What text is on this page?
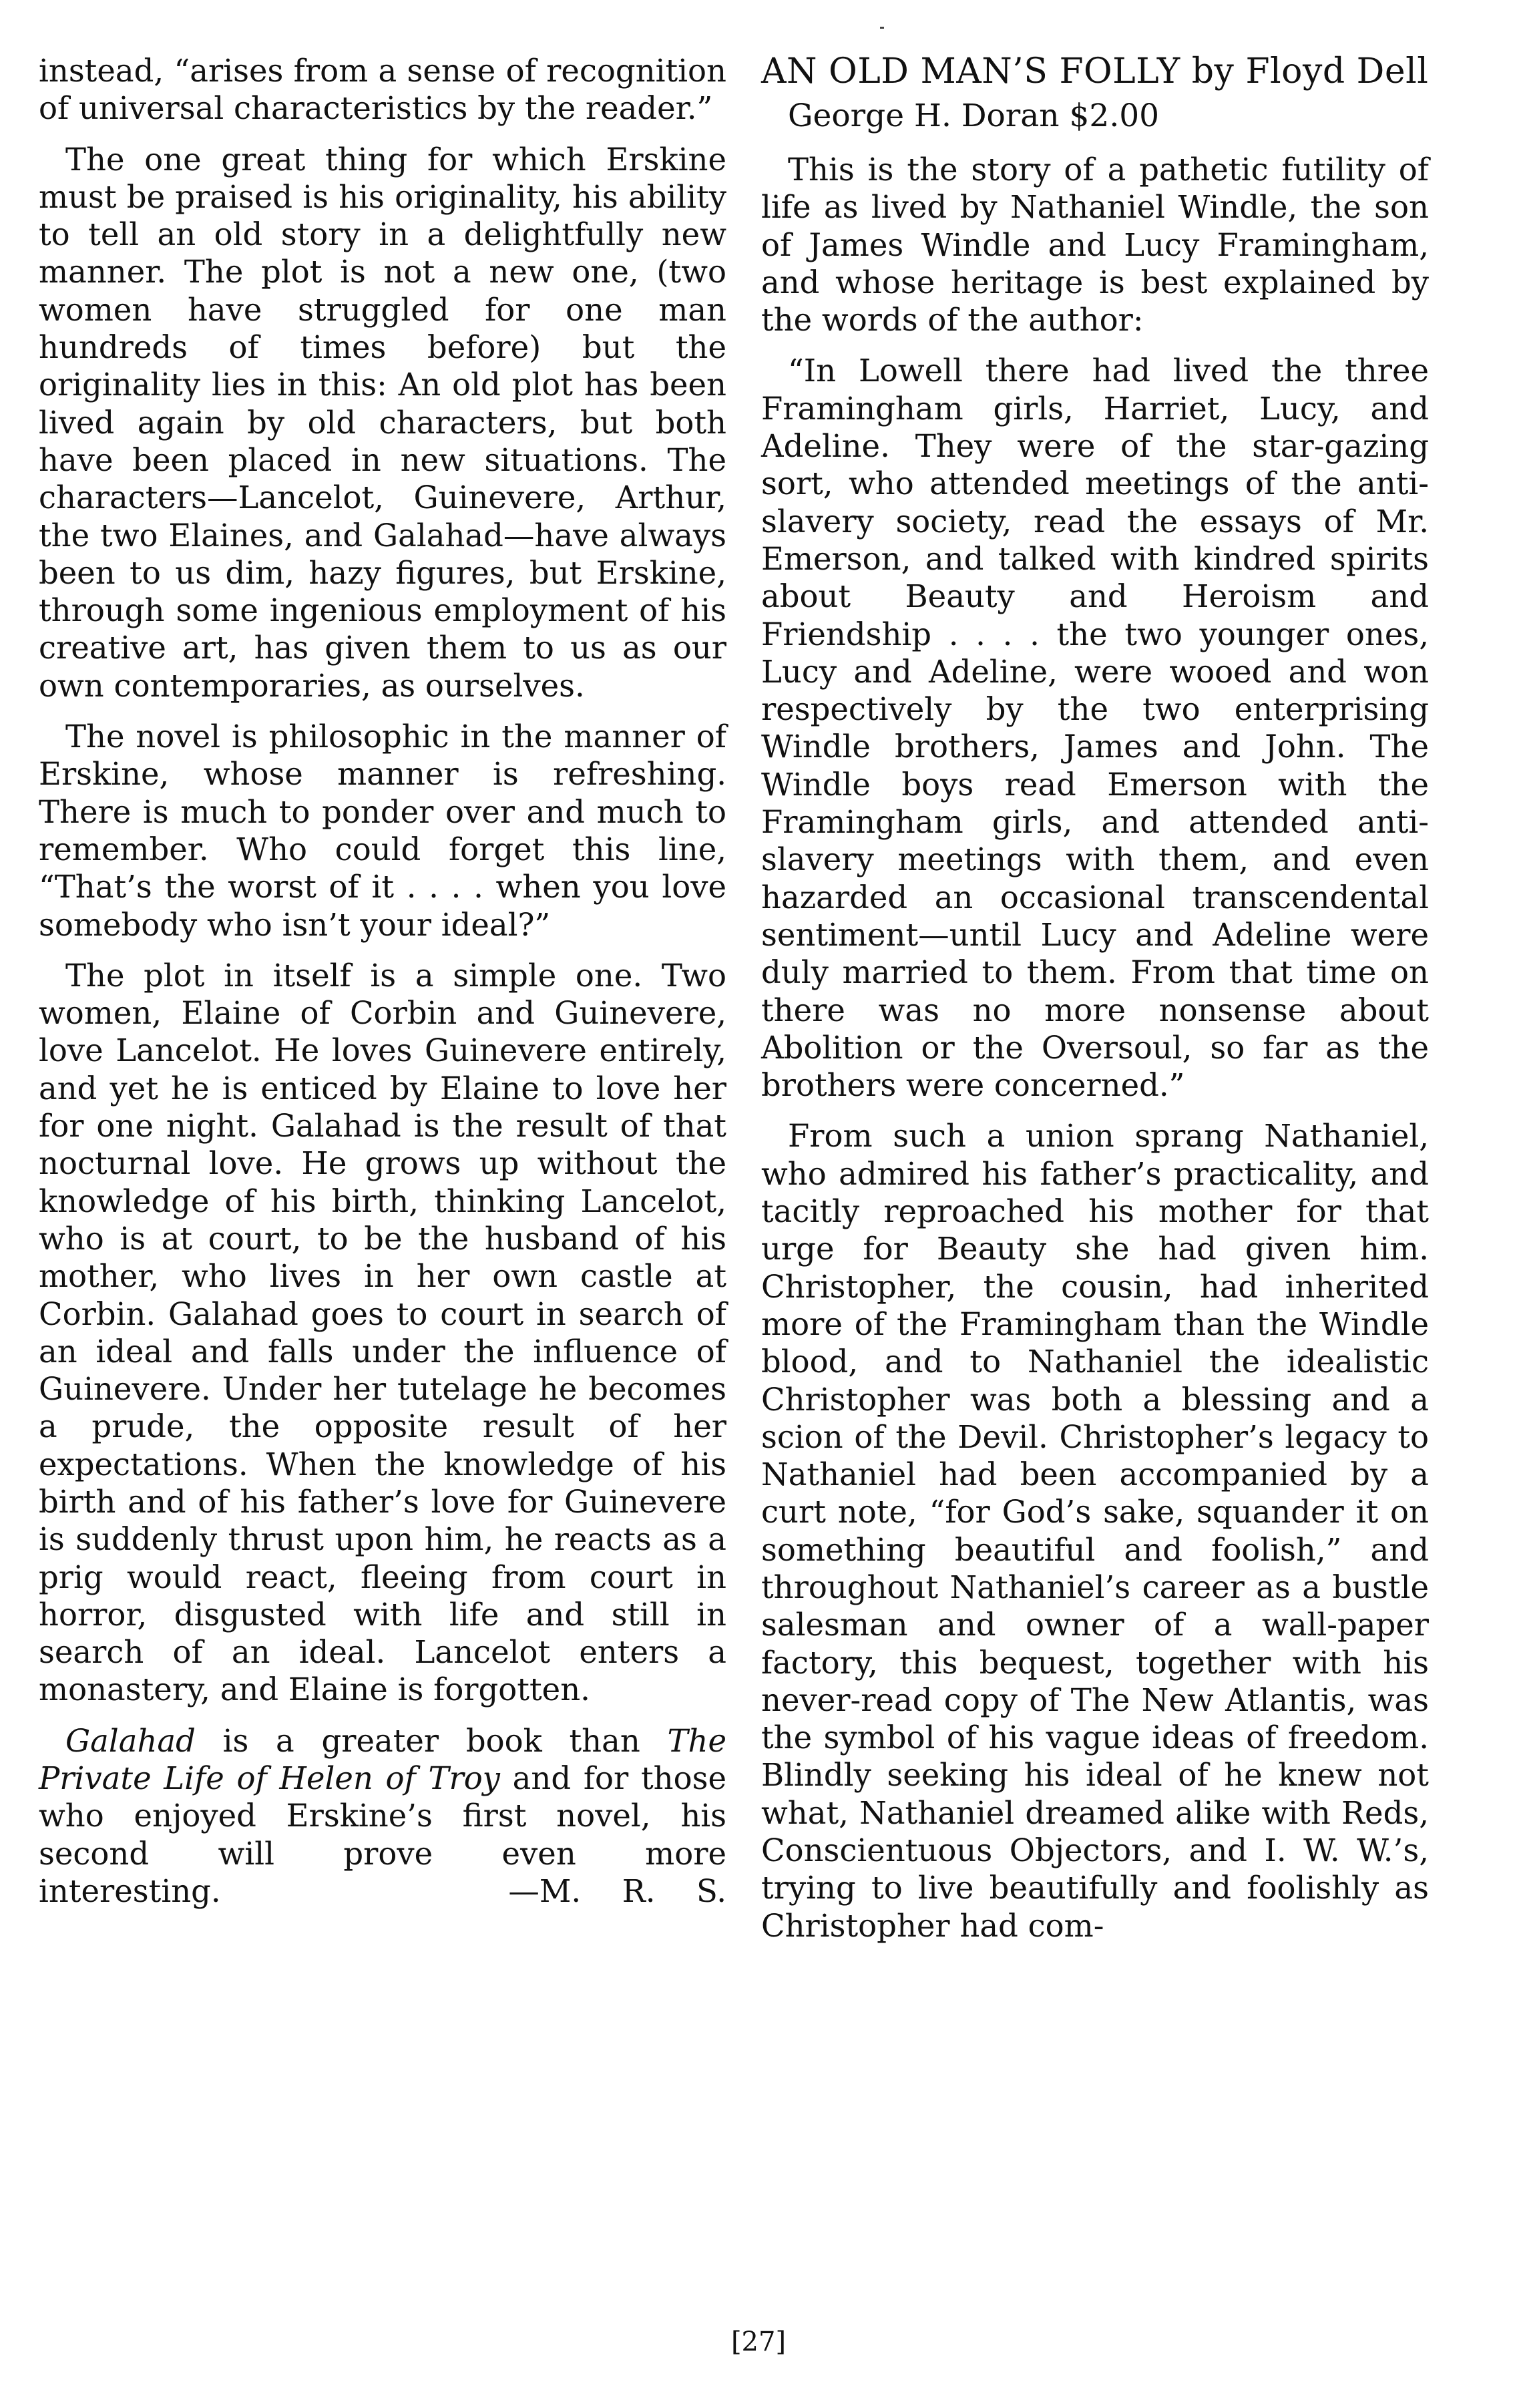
instead, “arises from a sense of recognition of universal characteristics by the reader.”

The one great thing for which Erskine must be praised is his originality, his ability to tell an old story in a delightfully new manner. The plot is not a new one, (two women have struggled for one man hundreds of times before) but the originality lies in this: An old plot has been lived again by old characters, but both have been placed in new situations. The characters—Lancelot, Guinevere, Arthur, the two Elaines, and Galahad—have always been to us dim, hazy figures, but Erskine, through some ingenious employment of his creative art, has given them to us as our own contemporaries, as ourselves.

The novel is philosophic in the manner of Erskine, whose manner is refreshing. There is much to ponder over and much to remember. Who could forget this line, “That’s the worst of it . . . . when you love somebody who isn’t your ideal?”

The plot in itself is a simple one. Two women, Elaine of Corbin and Guinevere, love Lancelot. He loves Guinevere entirely, and yet he is enticed by Elaine to love her for one night. Galahad is the result of that nocturnal love. He grows up without the knowledge of his birth, thinking Lancelot, who is at court, to be the husband of his mother, who lives in her own castle at Corbin. Galahad goes to court in search of an ideal and falls under the influence of Guinevere. Under her tutelage he becomes a prude, the opposite result of her expectations. When the knowledge of his birth and of his father’s love for Guinevere is suddenly thrust upon him, he reacts as a prig would react, fleeing from court in horror, disgusted with life and still in search of an ideal. Lancelot enters a monastery, and Elaine is forgotten.

Galahad is a greater book than The Private Life of Helen of Troy and for those who enjoyed Erskine’s first novel, his second will prove even more interesting.	—M. R. S.

AN OLD MAN’S FOLLY by Floyd Dell

George H. Doran $2.00

This is the story of a pathetic futility of life as lived by Nathaniel Windle, the son of James Windle and Lucy Framingham, and whose heritage is best explained by the words of the author:

“In Lowell there had lived the three Framingham girls, Harriet, Lucy, and Adeline. They were of the star-gazing sort, who attended meetings of the anti-slavery society, read the essays of Mr. Emerson, and talked with kindred spirits about Beauty and Heroism and Friendship . . . . the two younger ones, Lucy and Adeline, were wooed and won respectively by the two enterprising Windle brothers, James and John. The Windle boys read Emerson with the Framingham girls, and attended anti-slavery meetings with them, and even hazarded an occasional transcendental sentiment—until Lucy and Adeline were duly married to them. From that time on there was no more nonsense about Abolition or the Oversoul, so far as the brothers were concerned.”

From such a union sprang Nathaniel, who admired his father’s practicality, and tacitly reproached his mother for that urge for Beauty she had given him. Christopher, the cousin, had inherited more of the Framingham than the Windle blood, and to Nathaniel the idealistic Christopher was both a blessing and a scion of the Devil. Christopher’s legacy to Nathaniel had been accompanied by a curt note, “for God’s sake, squander it on something beautiful and foolish,” and throughout Nathaniel’s career as a bustle salesman and owner of a wall-paper factory, this bequest, together with his never-read copy of The New Atlantis, was the symbol of his vague ideas of freedom. Blindly seeking his ideal of he knew not what, Nathaniel dreamed alike with Reds, Conscientuous Objectors, and I. W. W.’s, trying to live beautifully and foolishly as Christopher had com-

[27]
